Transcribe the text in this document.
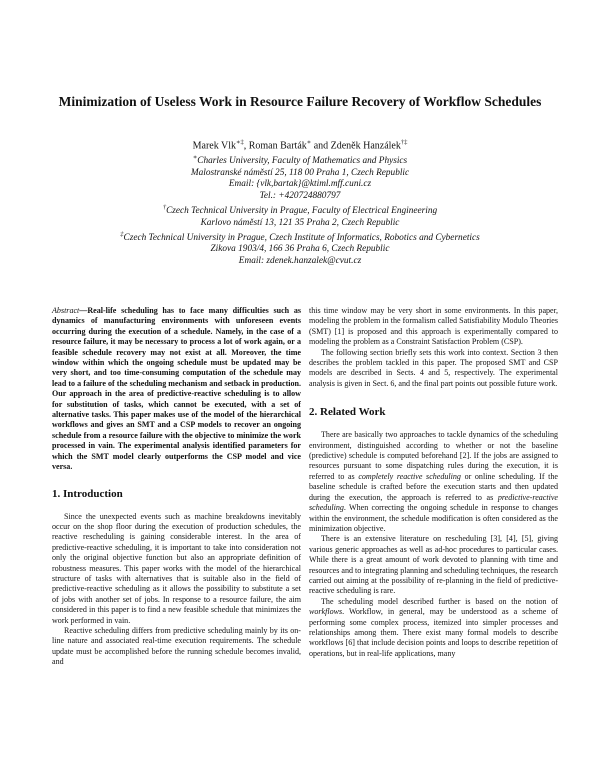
Minimization of Useless Work in Resource Failure Recovery of Workflow Schedules
Marek Vlk∗‡, Roman Barták∗ and Zdeněk Hanzálek†‡
∗Charles University, Faculty of Mathematics and Physics
Malostranské náměstí 25, 118 00 Praha 1, Czech Republic
Email: {vlk,bartak}@ktiml.mff.cuni.cz
Tel.: +420724880797
†Czech Technical University in Prague, Faculty of Electrical Engineering
Karlovo náměstí 13, 121 35 Praha 2, Czech Republic
‡Czech Technical University in Prague, Czech Institute of Informatics, Robotics and Cybernetics
Zikova 1903/4, 166 36 Praha 6, Czech Republic
Email: zdenek.hanzalek@cvut.cz
Abstract—Real-life scheduling has to face many difficulties such as dynamics of manufacturing environments with unforeseen events occurring during the execution of a schedule. Namely, in the case of a resource failure, it may be necessary to process a lot of work again, or a feasible schedule recovery may not exist at all. Moreover, the time window within which the ongoing schedule must be updated may be very short, and too time-consuming computation of the schedule may lead to a failure of the scheduling mechanism and setback in production. Our approach in the area of predictive-reactive scheduling is to allow for substitution of tasks, which cannot be executed, with a set of alternative tasks. This paper makes use of the model of the hierarchical workflows and gives an SMT and a CSP models to recover an ongoing schedule from a resource failure with the objective to minimize the work processed in vain. The experimental analysis identified parameters for which the SMT model clearly outperforms the CSP model and vice versa.
1. Introduction

Since the unexpected events such as machine breakdowns inevitably occur on the shop floor during the execution of production schedules, the reactive rescheduling is gaining considerable interest. In the area of predictive-reactive scheduling, it is important to take into consideration not only the original objective function but also an appropriate definition of robustness measures. This paper works with the model of the hierarchical structure of tasks with alternatives that is suitable also in the field of predictive-reactive scheduling as it allows the possibility to substitute a set of jobs with another set of jobs. In response to a resource failure, the aim considered in this paper is to find a new feasible schedule that minimizes the work performed in vain.

Reactive scheduling differs from predictive scheduling mainly by its on-line nature and associated real-time execution requirements. The schedule update must be accomplished before the running schedule becomes invalid, and

this time window may be very short in some environments. In this paper, modeling the problem in the formalism called Satisfiability Modulo Theories (SMT) [1] is proposed and this approach is experimentally compared to modeling the problem as a Constraint Satisfaction Problem (CSP).

The following section briefly sets this work into context. Section 3 then describes the problem tackled in this paper. The proposed SMT and CSP models are described in Sects. 4 and 5, respectively. The experimental analysis is given in Sect. 6, and the final part points out possible future work.

2. Related Work

There are basically two approaches to tackle dynamics of the scheduling environment, distinguished according to whether or not the baseline (predictive) schedule is computed beforehand [2]. If the jobs are assigned to resources pursuant to some dispatching rules during the execution, it is referred to as completely reactive scheduling or online scheduling. If the baseline schedule is crafted before the execution starts and then updated during the execution, the approach is referred to as predictive-reactive scheduling. When correcting the ongoing schedule in response to changes within the environment, the schedule modification is often considered as the minimization objective.

There is an extensive literature on rescheduling [3], [4], [5], giving various generic approaches as well as ad-hoc procedures to particular cases. While there is a great amount of work devoted to planning with time and resources and to integrating planning and scheduling techniques, the research carried out aiming at the possibility of re-planning in the field of predictive-reactive scheduling is rare.

The scheduling model described further is based on the notion of workflows. Workflow, in general, may be understood as a scheme of performing some complex process, itemized into simpler processes and relationships among them. There exist many formal models to describe workflows [6] that include decision points and loops to describe repetition of operations, but in real-life applications, many
